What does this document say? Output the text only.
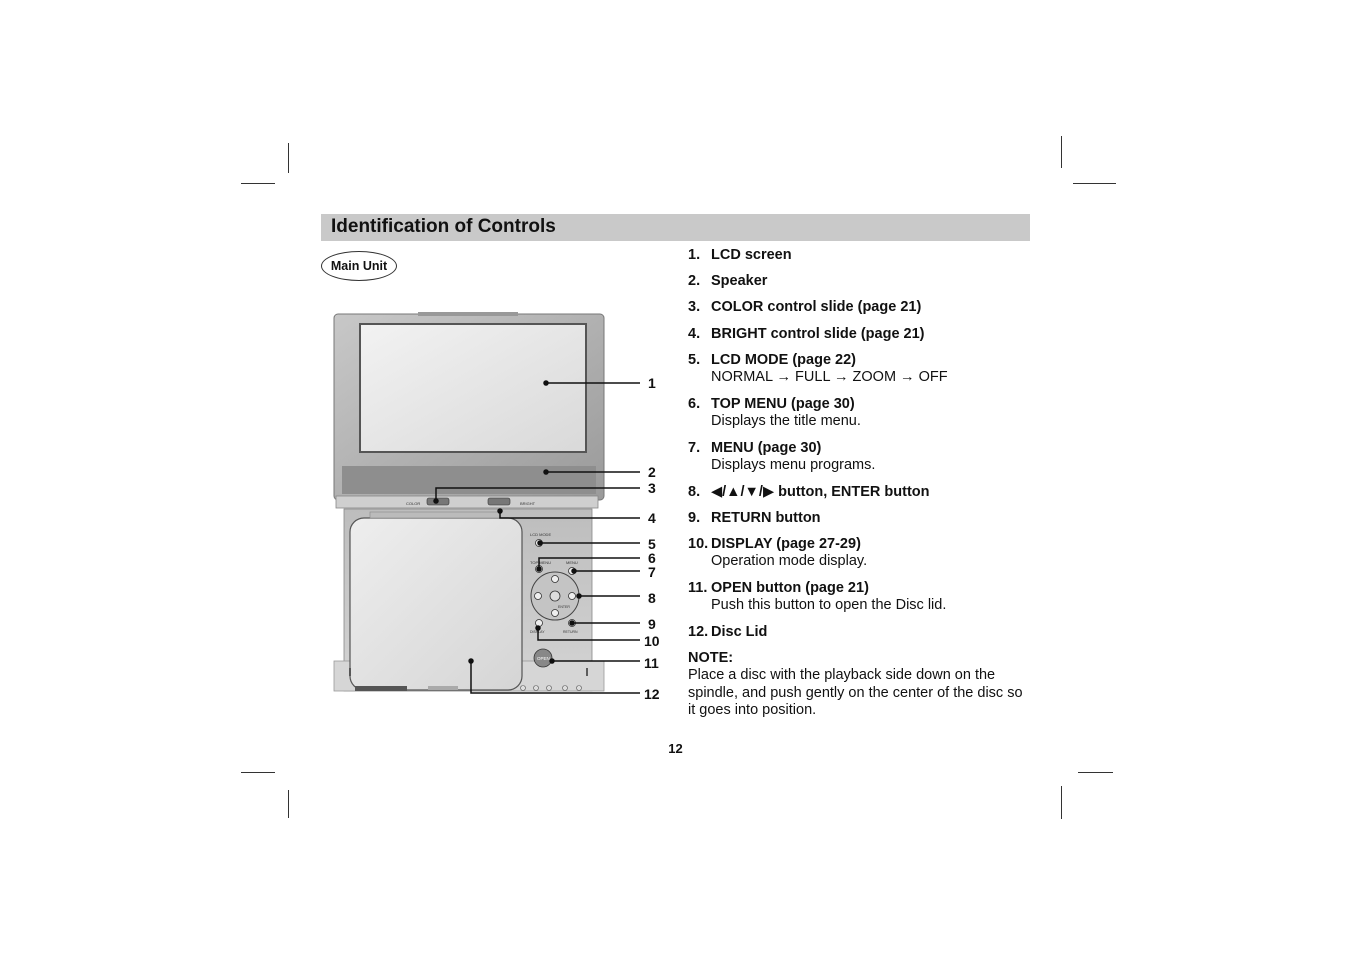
Identification of Controls
Main Unit
COLOR	BRIGHT
LCD MODE
TOP MENU	MENU
ENTER
DISPLAY	RETURN
OPEN
1
2
3
4
5
6
7
8
9
10
11
12
1. LCD screen
2. Speaker
3. COLOR control slide (page 21)
4. BRIGHT control slide (page 21)
5. LCD MODE (page 22)
NORMAL → FULL → ZOOM → OFF
6. TOP MENU (page 30)
Displays the title menu.
7. MENU (page 30)
Displays menu programs.
8. ◀/▲/▼/▶ button, ENTER button
9. RETURN button
10. DISPLAY (page 27-29)
Operation mode display.
11. OPEN button (page 21)
Push this button to open the Disc lid.
12. Disc Lid
NOTE:
Place a disc with the playback side down on the spindle, and push gently on the center of the disc so it goes into position.
12
